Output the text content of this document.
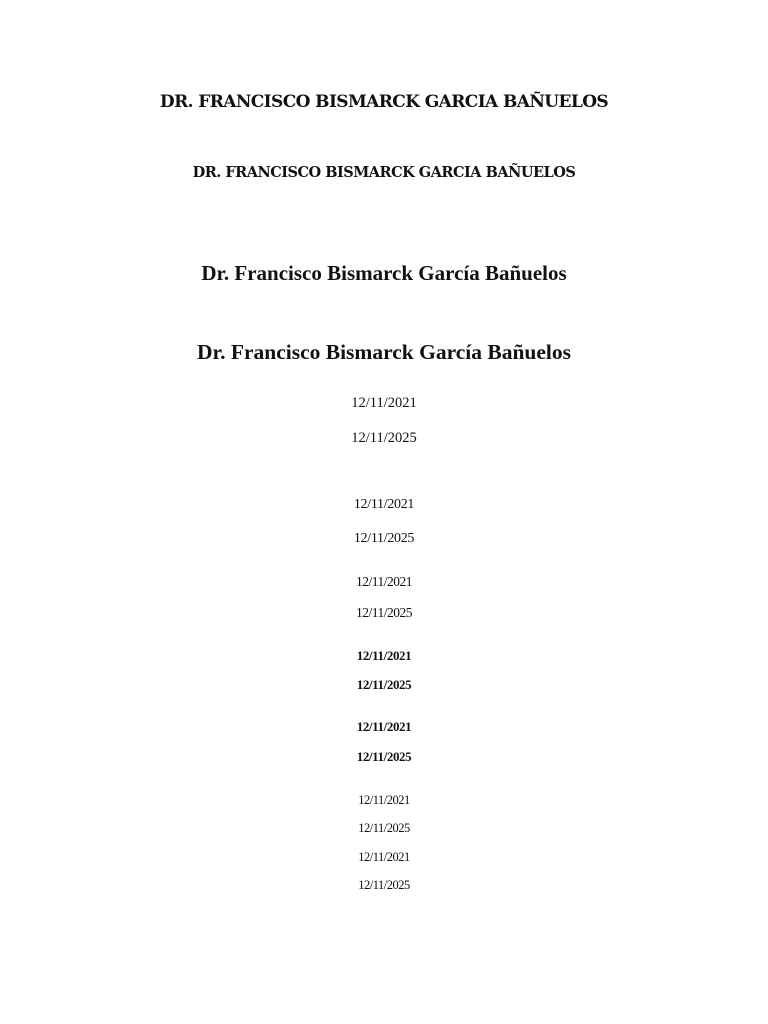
DR. FRANCISCO BISMARCK GARCIA BAÑUELOS
DR. FRANCISCO BISMARCK GARCIA BAÑUELOS
Dr. Francisco Bismarck García Bañuelos
Dr. Francisco Bismarck García Bañuelos
12/11/2021
12/11/2025
12/11/2021
12/11/2025
12/11/2021
12/11/2025
12/11/2021
12/11/2025
12/11/2021
12/11/2025
12/11/2021
12/11/2025
12/11/2021
12/11/2025
